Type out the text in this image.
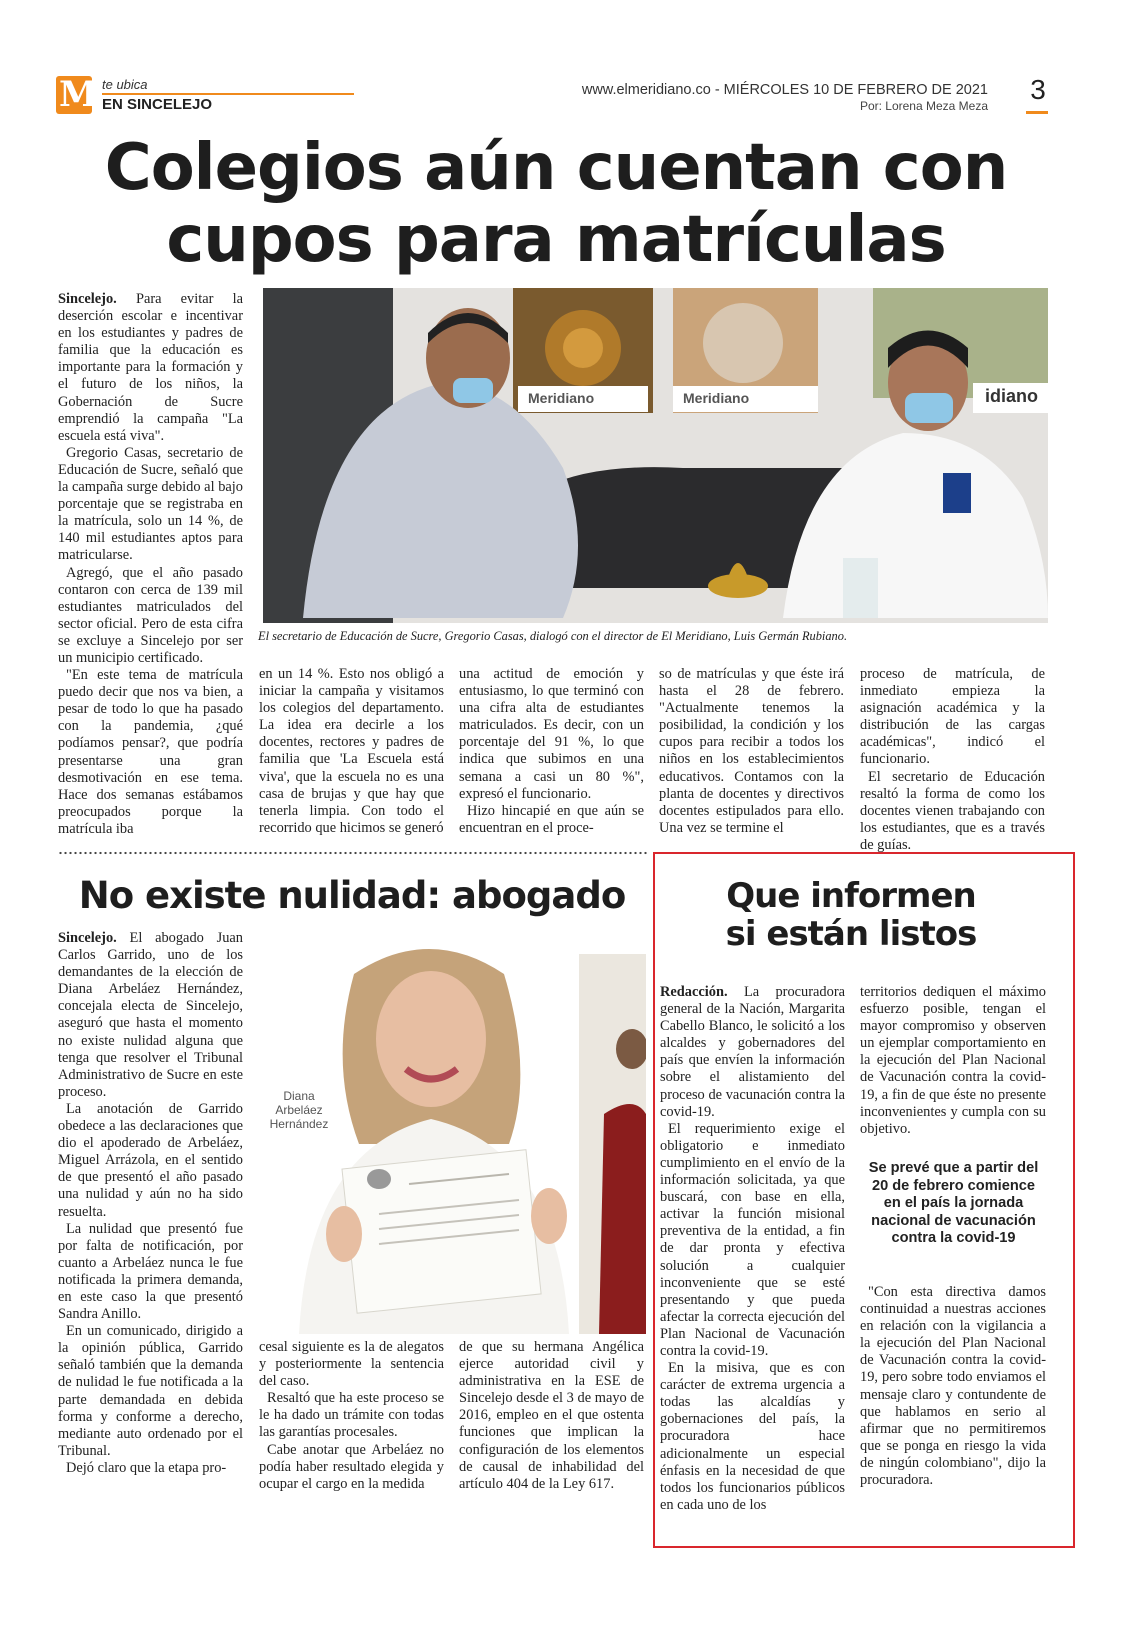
M te ubica
EN SINCELEJO
www.elmeridiano.co - MIÉRCOLES 10 DE FEBRERO DE 2021
Por: Lorena Meza Meza
3
Colegios aún cuentan con
cupos para matrículas
Meridiano	Meridiano	idiano
El secretario de Educación de Sucre, Gregorio Casas, dialogó con el director de El Meridiano, Luis Germán Rubiano.

Sincelejo. Para evitar la deserción escolar e incentivar en los estudiantes y padres de familia que la educación es importante para la formación y el futuro de los niños, la Gobernación de Sucre emprendió la campaña "La escuela está viva".

Gregorio Casas, secretario de Educación de Sucre, señaló que la campaña surge debido al bajo porcentaje que se registraba en la matrícula, solo un 14 %, de 140 mil estudiantes aptos para matricularse.

Agregó, que el año pasado contaron con cerca de 139 mil estudiantes matriculados del sector oficial. Pero de esta cifra se excluye a Sincelejo por ser un municipio certificado.

"En este tema de matrícula puedo decir que nos va bien, a pesar de todo lo que ha pasado con la pandemia, ¿qué podíamos pensar?, que podría presentarse una gran desmotivación en ese tema. Hace dos semanas estábamos preocupados porque la matrícula iba

en un 14 %. Esto nos obligó a iniciar la campaña y visitamos los colegios del departamento. La idea era decirle a los docentes, rectores y padres de familia que 'La Escuela está viva', que la escuela no es una casa de brujas y que hay que tenerla limpia. Con todo el recorrido que hicimos se generó

una actitud de emoción y entusiasmo, lo que terminó con una cifra alta de estudiantes matriculados. Es decir, con un porcentaje del 91 %, lo que indica que subimos en una semana a casi un 80 %", expresó el funcionario.

Hizo hincapié en que aún se encuentran en el proce-

so de matrículas y que éste irá hasta el 28 de febrero. "Actualmente tenemos la posibilidad, la condición y los cupos para recibir a todos los niños en los establecimientos educativos. Contamos con la planta de docentes y directivos docentes estipulados para ello. Una vez se termine el

proceso de matrícula, de inmediato empieza la asignación académica y la distribución de las cargas académicas", indicó el funcionario.

El secretario de Educación resaltó la forma de como los docentes vienen trabajando con los estudiantes, que es a través de guías.

No existe nulidad: abogado

Sincelejo. El abogado Juan Carlos Garrido, uno de los demandantes de la elección de Diana Arbeláez Hernández, concejala electa de Sincelejo, aseguró que hasta el momento no existe nulidad alguna que tenga que resolver el Tribunal Administrativo de Sucre en este proceso.

La anotación de Garrido obedece a las declaraciones que dio el apoderado de Arbeláez, Miguel Arrázola, en el sentido de que presentó el año pasado una nulidad y aún no ha sido resuelta.

La nulidad que presentó fue por falta de notificación, por cuanto a Arbeláez nunca le fue notificada la primera demanda, en este caso la que presentó Sandra Anillo.

En un comunicado, dirigido a la opinión pública, Garrido señaló también que la demanda de nulidad le fue notificada a la parte demandada en debida forma y conforme a derecho, mediante auto ordenado por el Tribunal.

Dejó claro que la etapa pro-

Diana Arbeláez
Hernández

cesal siguiente es la de alegatos y posteriormente la sentencia del caso.

Resaltó que ha este proceso se le ha dado un trámite con todas las garantías procesales.

Cabe anotar que Arbeláez no podía haber resultado elegida y ocupar el cargo en la medida

de que su hermana Angélica ejerce autoridad civil y administrativa en la ESE de Sincelejo desde el 3 de mayo de 2016, empleo en el que ostenta funciones que implican la configuración de los elementos de causal de inhabilidad del artículo 404 de la Ley 617.

Que informen
si están listos

Redacción. La procuradora general de la Nación, Margarita Cabello Blanco, le solicitó a los alcaldes y gobernadores del país que envíen la información sobre el alistamiento del proceso de vacunación contra la covid-19.

El requerimiento exige el obligatorio e inmediato cumplimiento en el envío de la información solicitada, ya que buscará, con base en ella, activar la función misional preventiva de la entidad, a fin de dar pronta y efectiva solución a cualquier inconveniente que se esté presentando y que pueda afectar la correcta ejecución del Plan Nacional de Vacunación contra la covid-19.

En la misiva, que es con carácter de extrema urgencia a todas las alcaldías y gobernaciones del país, la procuradora hace adicionalmente un especial énfasis en la necesidad de que todos los funcionarios públicos en cada uno de los

territorios dediquen el máximo esfuerzo posible, tengan el mayor compromiso y observen un ejemplar comportamiento en la ejecución del Plan Nacional de Vacunación contra la covid-19, a fin de que éste no presente inconvenientes y cumpla con su objetivo.

Se prevé que a partir del 20 de febrero comience en el país la jornada nacional de vacunación contra la covid-19

"Con esta directiva damos continuidad a nuestras acciones en relación con la vigilancia a la ejecución del Plan Nacional de Vacunación contra la covid-19, pero sobre todo enviamos el mensaje claro y contundente de que hablamos en serio al afirmar que no permitiremos que se ponga en riesgo la vida de ningún colombiano", dijo la procuradora.
